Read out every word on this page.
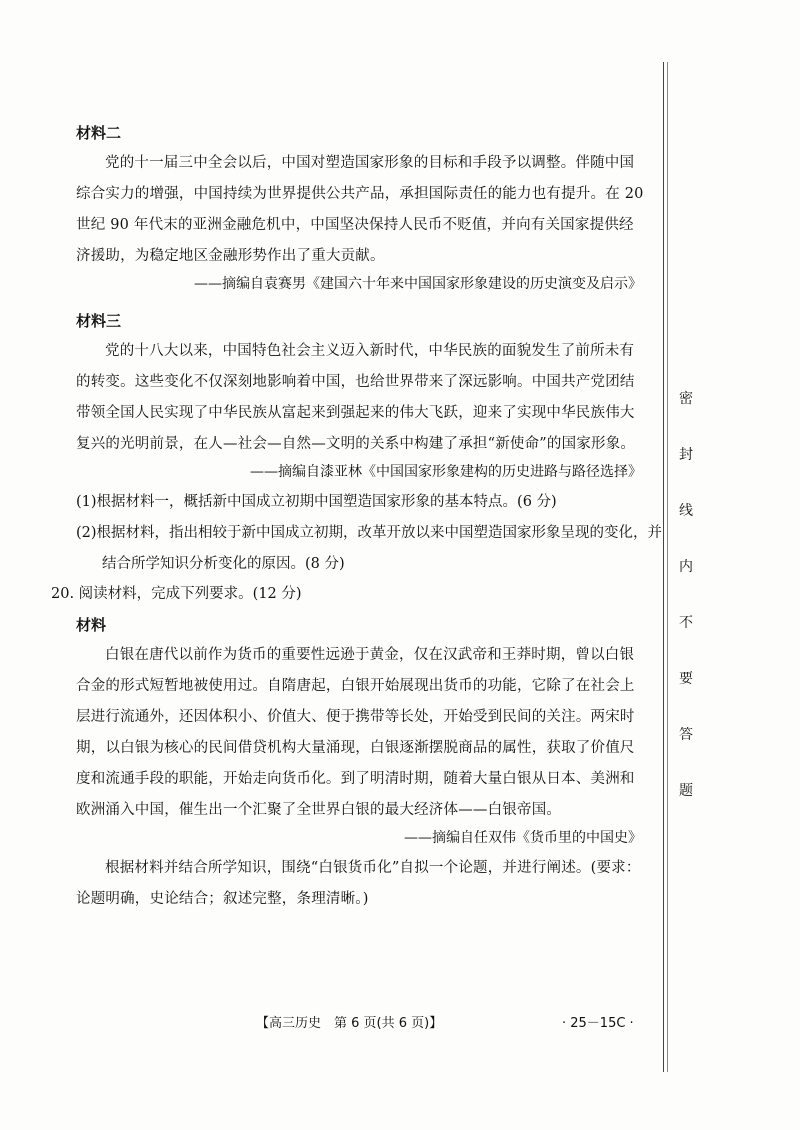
材料二

党的十一届三中全会以后，中国对塑造国家形象的目标和手段予以调整。伴随中国综合实力的增强，中国持续为世界提供公共产品，承担国际责任的能力也有提升。在 20 世纪 90 年代末的亚洲金融危机中，中国坚决保持人民币不贬值，并向有关国家提供经济援助，为稳定地区金融形势作出了重大贡献。

——摘编自袁赛男《建国六十年来中国国家形象建设的历史演变及启示》
材料三

党的十八大以来，中国特色社会主义迈入新时代，中华民族的面貌发生了前所未有的转变。这些变化不仅深刻地影响着中国，也给世界带来了深远影响。中国共产党团结带领全国人民实现了中华民族从富起来到强起来的伟大飞跃，迎来了实现中华民族伟大复兴的光明前景，在人—社会—自然—文明的关系中构建了承担“新使命”的国家形象。

——摘编自漆亚林《中国国家形象建构的历史进路与路径选择》

(1)根据材料一，概括新中国成立初期中国塑造国家形象的基本特点。(6 分)

(2)根据材料，指出相较于新中国成立初期，改革开放以来中国塑造国家形象呈现的变化，并结合所学知识分析变化的原因。(8 分)

20. 阅读材料，完成下列要求。(12 分)
材料

白银在唐代以前作为货币的重要性远逊于黄金，仅在汉武帝和王莽时期，曾以白银合金的形式短暂地被使用过。自隋唐起，白银开始展现出货币的功能，它除了在社会上层进行流通外，还因体积小、价值大、便于携带等长处，开始受到民间的关注。两宋时期，以白银为核心的民间借贷机构大量涌现，白银逐渐摆脱商品的属性，获取了价值尺度和流通手段的职能，开始走向货币化。到了明清时期，随着大量白银从日本、美洲和欧洲涌入中国，催生出一个汇聚了全世界白银的最大经济体——白银帝国。

——摘编自任双伟《货币里的中国史》

根据材料并结合所学知识，围绕“白银货币化”自拟一个论题，并进行阐述。(要求：论题明确，史论结合；叙述完整，条理清晰。)

【高三历史　第 6 页(共 6 页)】	· 25－15C ·
密
封
线
内
不
要
答
题
